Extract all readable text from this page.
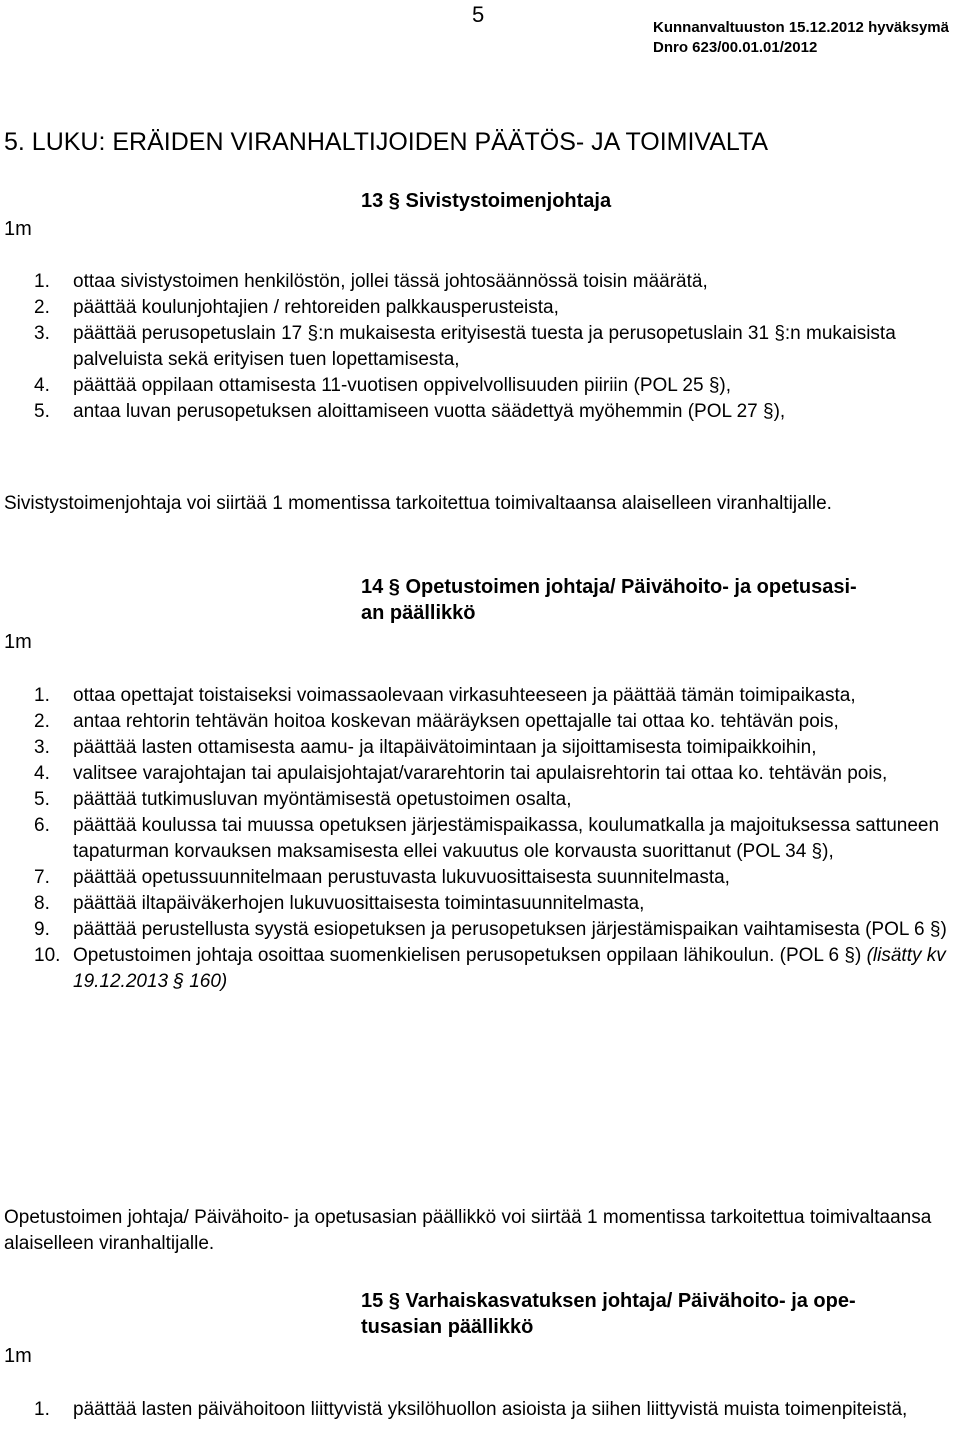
5
Kunnanvaltuuston 15.12.2012 hyväksymä
Dnro 623/00.01.01/2012
5. LUKU: ERÄIDEN VIRANHALTIJOIDEN PÄÄTÖS- JA TOIMIVALTA
1m
13 § Sivistystoimenjohtaja
1. ottaa sivistystoimen henkilöstön, jollei tässä johtosäännössä toisin määrätä,
2. päättää koulunjohtajien / rehtoreiden palkkausperusteista,
3. päättää perusopetuslain 17 §:n mukaisesta erityisestä tuesta ja perusopetuslain 31 §:n mukaisista palveluista sekä erityisen tuen lopettamisesta,
4. päättää oppilaan ottamisesta 11-vuotisen oppivelvollisuuden piiriin (POL 25 §),
5. antaa luvan perusopetuksen aloittamiseen vuotta säädettyä myöhemmin (POL 27 §),

Sivistystoimenjohtaja voi siirtää 1 momentissa tarkoitettua toimivaltaansa alaiselleen viranhaltijalle.

1m
14 § Opetustoimen johtaja/ Päivähoito- ja opetusasi-
an päällikkö
1. ottaa opettajat toistaiseksi voimassaolevaan virkasuhteeseen ja päättää tämän toimipaikasta,
2. antaa rehtorin tehtävän hoitoa koskevan määräyksen opettajalle tai ottaa ko. tehtävän pois,
3. päättää lasten ottamisesta aamu- ja iltapäivätoimintaan ja sijoittamisesta toimipaikkoihin,
4. valitsee varajohtajan tai apulaisjohtajat/vararehtorin tai apulaisrehtorin tai ottaa ko. tehtävän pois,
5. päättää tutkimusluvan myöntämisestä opetustoimen osalta,
6. päättää koulussa tai muussa opetuksen järjestämispaikassa, koulumatkalla ja majoituksessa sattuneen tapaturman korvauksen maksamisesta ellei vakuutus ole korvausta suorittanut (POL 34 §),
7. päättää opetussuunnitelmaan perustuvasta lukuvuosittaisesta suunnitelmasta,
8. päättää iltapäiväkerhojen lukuvuosittaisesta toimintasuunnitelmasta,
9. päättää perustellusta syystä esiopetuksen ja perusopetuksen järjestämispaikan vaihtamisesta (POL 6 §)
10. Opetustoimen johtaja osoittaa suomenkielisen perusopetuksen oppilaan lähikoulun. (POL 6 §) (lisätty kv 19.12.2013 § 160)

Opetustoimen johtaja/ Päivähoito- ja opetusasian päällikkö voi siirtää 1 momentissa tarkoitettua toimivaltaansa alaiselleen viranhaltijalle.

1m
15 § Varhaiskasvatuksen johtaja/ Päivähoito- ja ope-
tusasian päällikkö
1. päättää lasten päivähoitoon liittyvistä yksilöhuollon asioista ja siihen liittyvistä muista toimenpiteistä,
